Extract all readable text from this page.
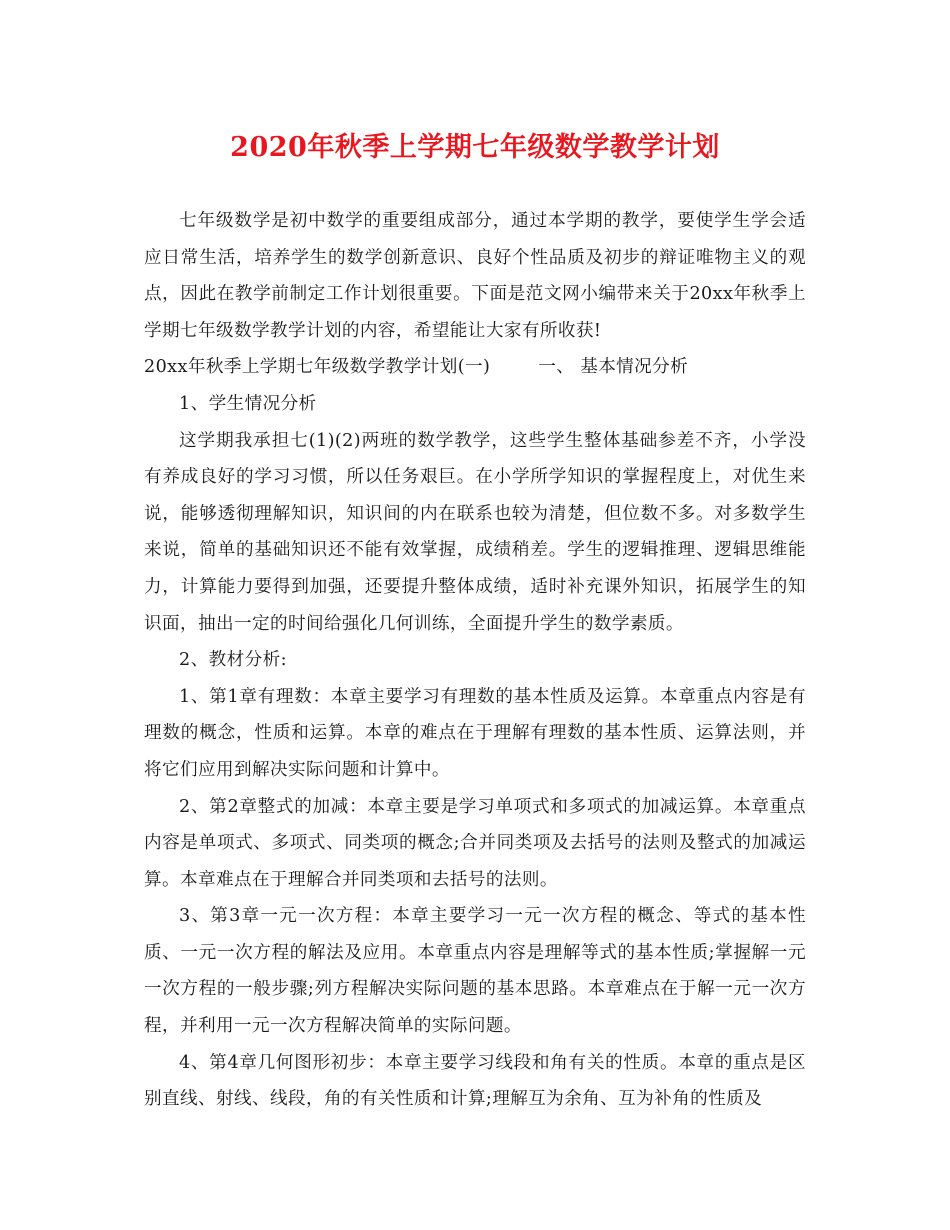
2020年秋季上学期七年级数学教学计划

七年级数学是初中数学的重要组成部分，通过本学期的教学，要使学生学会适应日常生活，培养学生的数学创新意识、良好个性品质及初步的辩证唯物主义的观点，因此在教学前制定工作计划很重要。下面是范文网小编带来关于20xx年秋季上学期七年级数学教学计划的内容，希望能让大家有所收获!

20xx年秋季上学期七年级数学教学计划(一)	一、 基本情况分析

1、学生情况分析

这学期我承担七(1)(2)两班的数学教学，这些学生整体基础参差不齐，小学没有养成良好的学习习惯，所以任务艰巨。在小学所学知识的掌握程度上，对优生来说，能够透彻理解知识，知识间的内在联系也较为清楚，但位数不多。对多数学生来说，简单的基础知识还不能有效掌握，成绩稍差。学生的逻辑推理、逻辑思维能力，计算能力要得到加强，还要提升整体成绩，适时补充课外知识，拓展学生的知识面，抽出一定的时间给强化几何训练，全面提升学生的数学素质。

2、教材分析:

1、第1章有理数：本章主要学习有理数的基本性质及运算。本章重点内容是有理数的概念，性质和运算。本章的难点在于理解有理数的基本性质、运算法则，并将它们应用到解决实际问题和计算中。

2、第2章整式的加减：本章主要是学习单项式和多项式的加减运算。本章重点内容是单项式、多项式、同类项的概念;合并同类项及去括号的法则及整式的加减运算。本章难点在于理解合并同类项和去括号的法则。

3、第3章一元一次方程：本章主要学习一元一次方程的概念、等式的基本性质、一元一次方程的解法及应用。本章重点内容是理解等式的基本性质;掌握解一元一次方程的一般步骤;列方程解决实际问题的基本思路。本章难点在于解一元一次方程，并利用一元一次方程解决简单的实际问题。

4、第4章几何图形初步：本章主要学习线段和角有关的性质。本章的重点是区别直线、射线、线段，角的有关性质和计算;理解互为余角、互为补角的性质及
